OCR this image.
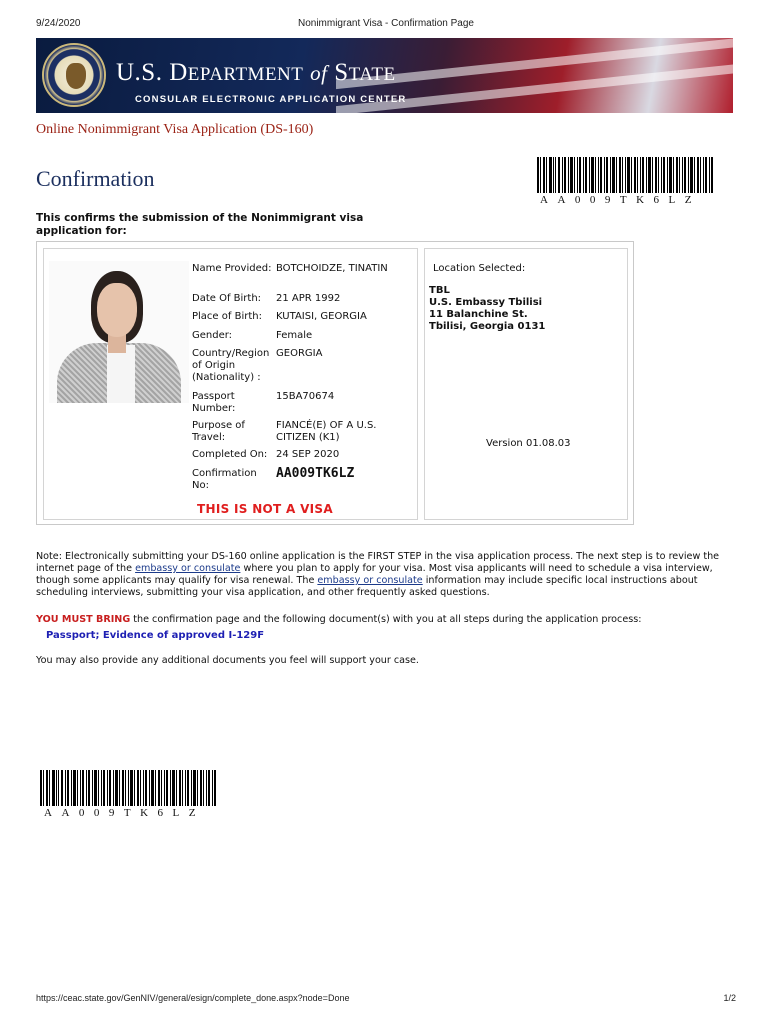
9/24/2020	Nonimmigrant Visa - Confirmation Page
U.S. DEPARTMENT of STATE
CONSULAR ELECTRONIC APPLICATION CENTER
Online Nonimmigrant Visa Application (DS-160)
Confirmation
AA009TK6LZ
This confirms the submission of the Nonimmigrant visa application for:
Name Provided: BOTCHOIDZE, TINATIN
Date Of Birth:	21 APR 1992
Place of Birth:	KUTAISI, GEORGIA
Gender:	Female
Country/Region of Origin (Nationality) :
GEORGIA
Passport Number:
15BA70674
Purpose of Travel:
FIANCÉ(E) OF A U.S. CITIZEN (K1)
Completed On: 24 SEP 2020
Confirmation No:
AA009TK6LZ
THIS IS NOT A VISA
Location Selected:
TBL
U.S. Embassy Tbilisi
11 Balanchine St.
Tbilisi, Georgia 0131
Version 01.08.03
Note: Electronically submitting your DS-160 online application is the FIRST STEP in the visa application process. The next step is to review the internet page of the embassy or consulate where you plan to apply for your visa. Most visa applicants will need to schedule a visa interview, though some applicants may qualify for visa renewal. The embassy or consulate information may include specific local instructions about scheduling interviews, submitting your visa application, and other frequently asked questions.
YOU MUST BRING the confirmation page and the following document(s) with you at all steps during the application process:
Passport; Evidence of approved I-129F
You may also provide any additional documents you feel will support your case.
AA009TK6LZ
https://ceac.state.gov/GenNIV/general/esign/complete_done.aspx?node=Done	1/2
